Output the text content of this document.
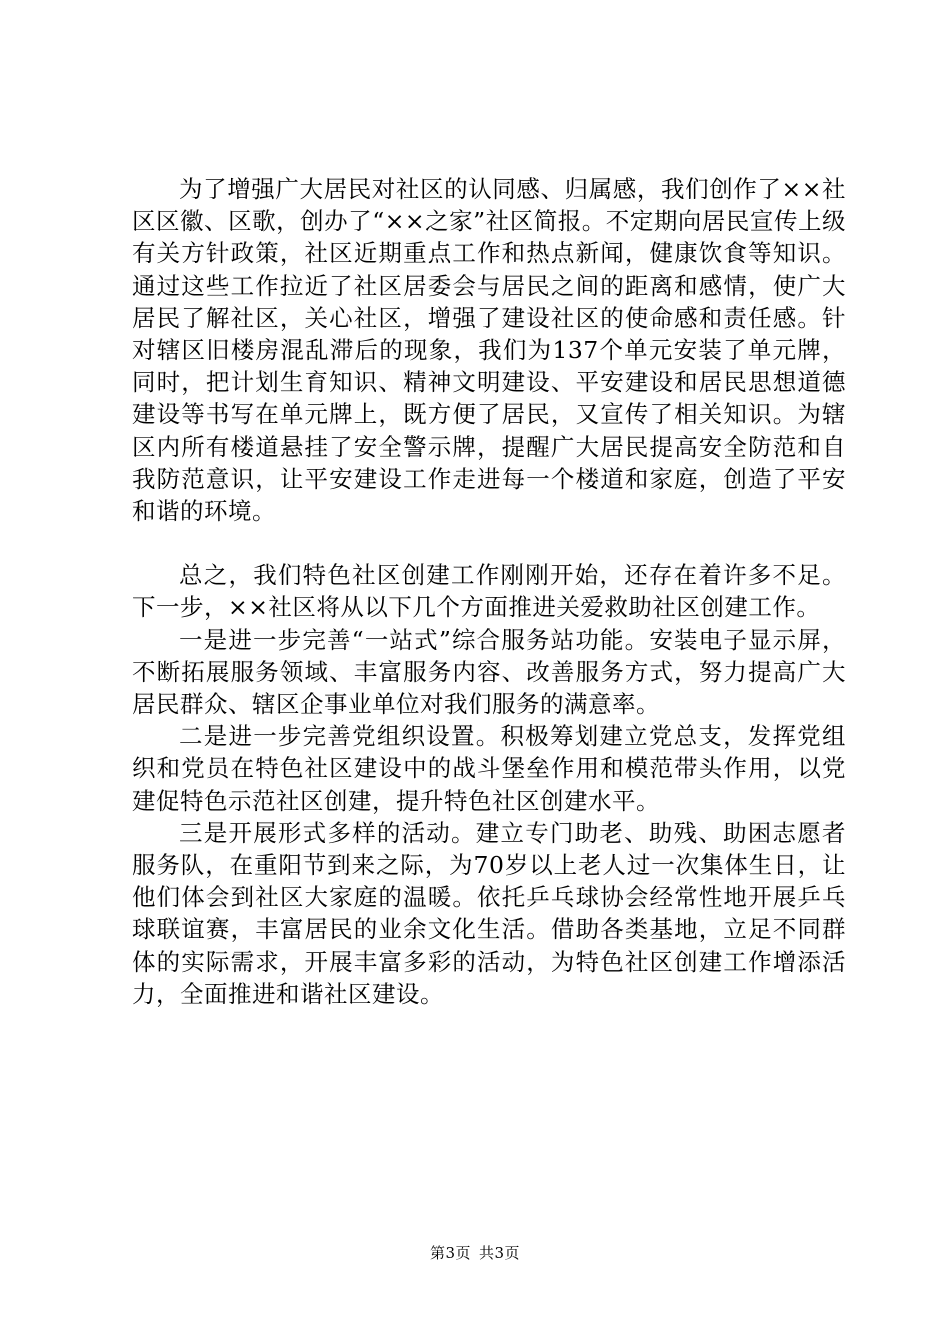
为了增强广大居民对社区的认同感、归属感，我们创作了××社区区徽、区歌，创办了“××之家”社区简报。不定期向居民宣传上级有关方针政策，社区近期重点工作和热点新闻，健康饮食等知识。通过这些工作拉近了社区居委会与居民之间的距离和感情，使广大居民了解社区，关心社区，增强了建设社区的使命感和责任感。针对辖区旧楼房混乱滞后的现象，我们为137个单元安装了单元牌，同时，把计划生育知识、精神文明建设、平安建设和居民思想道德建设等书写在单元牌上，既方便了居民，又宣传了相关知识。为辖区内所有楼道悬挂了安全警示牌，提醒广大居民提高安全防范和自我防范意识，让平安建设工作走进每一个楼道和家庭，创造了平安和谐的环境。

总之，我们特色社区创建工作刚刚开始，还存在着许多不足。下一步，××社区将从以下几个方面推进关爱救助社区创建工作。

一是进一步完善“一站式”综合服务站功能。安装电子显示屏，不断拓展服务领域、丰富服务内容、改善服务方式，努力提高广大居民群众、辖区企事业单位对我们服务的满意率。

二是进一步完善党组织设置。积极筹划建立党总支，发挥党组织和党员在特色社区建设中的战斗堡垒作用和模范带头作用，以党建促特色示范社区创建，提升特色社区创建水平。

三是开展形式多样的活动。建立专门助老、助残、助困志愿者服务队，在重阳节到来之际，为70岁以上老人过一次集体生日，让他们体会到社区大家庭的温暖。依托乒乓球协会经常性地开展乒乓球联谊赛，丰富居民的业余文化生活。借助各类基地，立足不同群体的实际需求，开展丰富多彩的活动，为特色社区创建工作增添活力，全面推进和谐社区建设。

第3页 共3页
